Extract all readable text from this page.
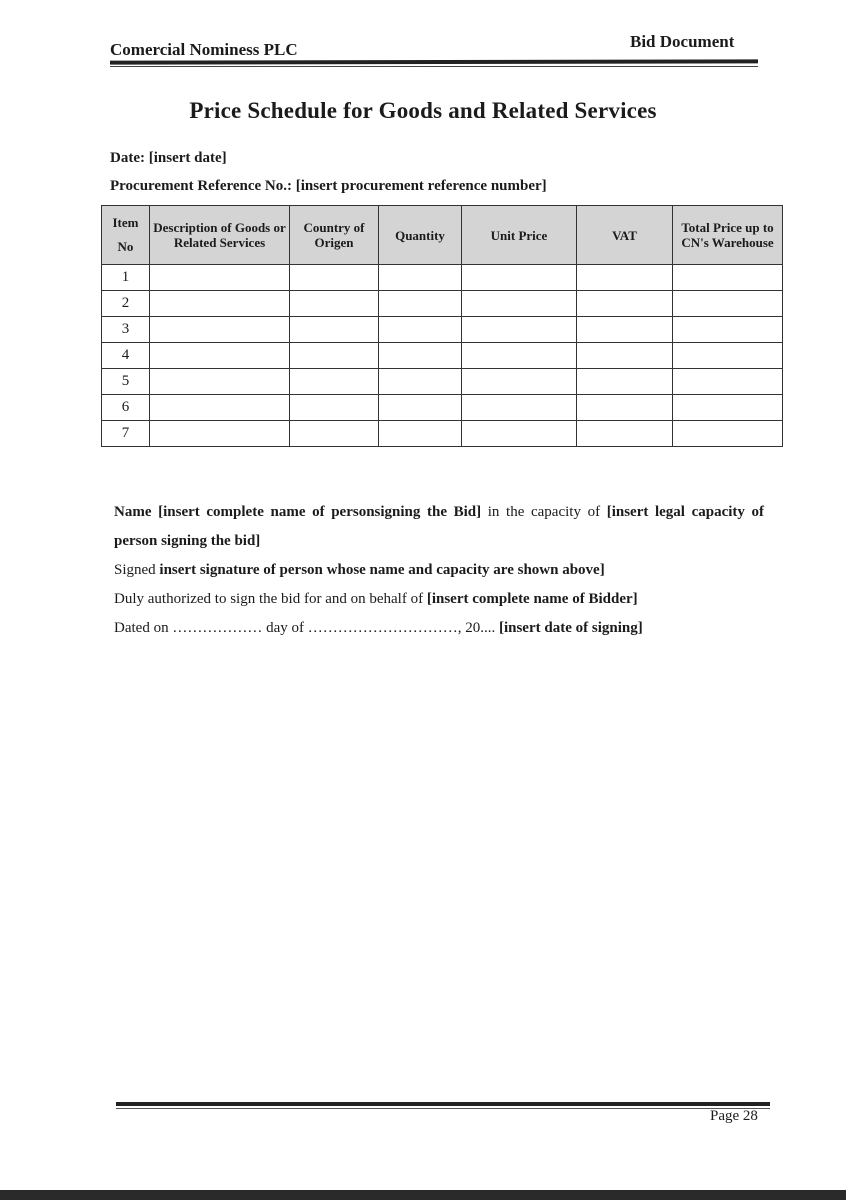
Comercial Nominess PLC	Bid Document
Price Schedule for Goods and Related Services
Date: [insert date]
Procurement Reference No.: [insert procurement reference number]
Item
No	Description of Goods or Related Services	Country of Origen	Quantity	Unit Price	VAT	Total Price up to CN's Warehouse
1						
2						
3						
4						
5						
6						
7						

Name [insert complete name of personsigning the Bid] in the capacity of [insert legal capacity of person signing the bid]

Signed insert signature of person whose name and capacity are shown above]

Duly authorized to sign the bid for and on behalf of [insert complete name of Bidder]

Dated on ……………… day of …………………………, 20.... [insert date of signing]

Page 28
